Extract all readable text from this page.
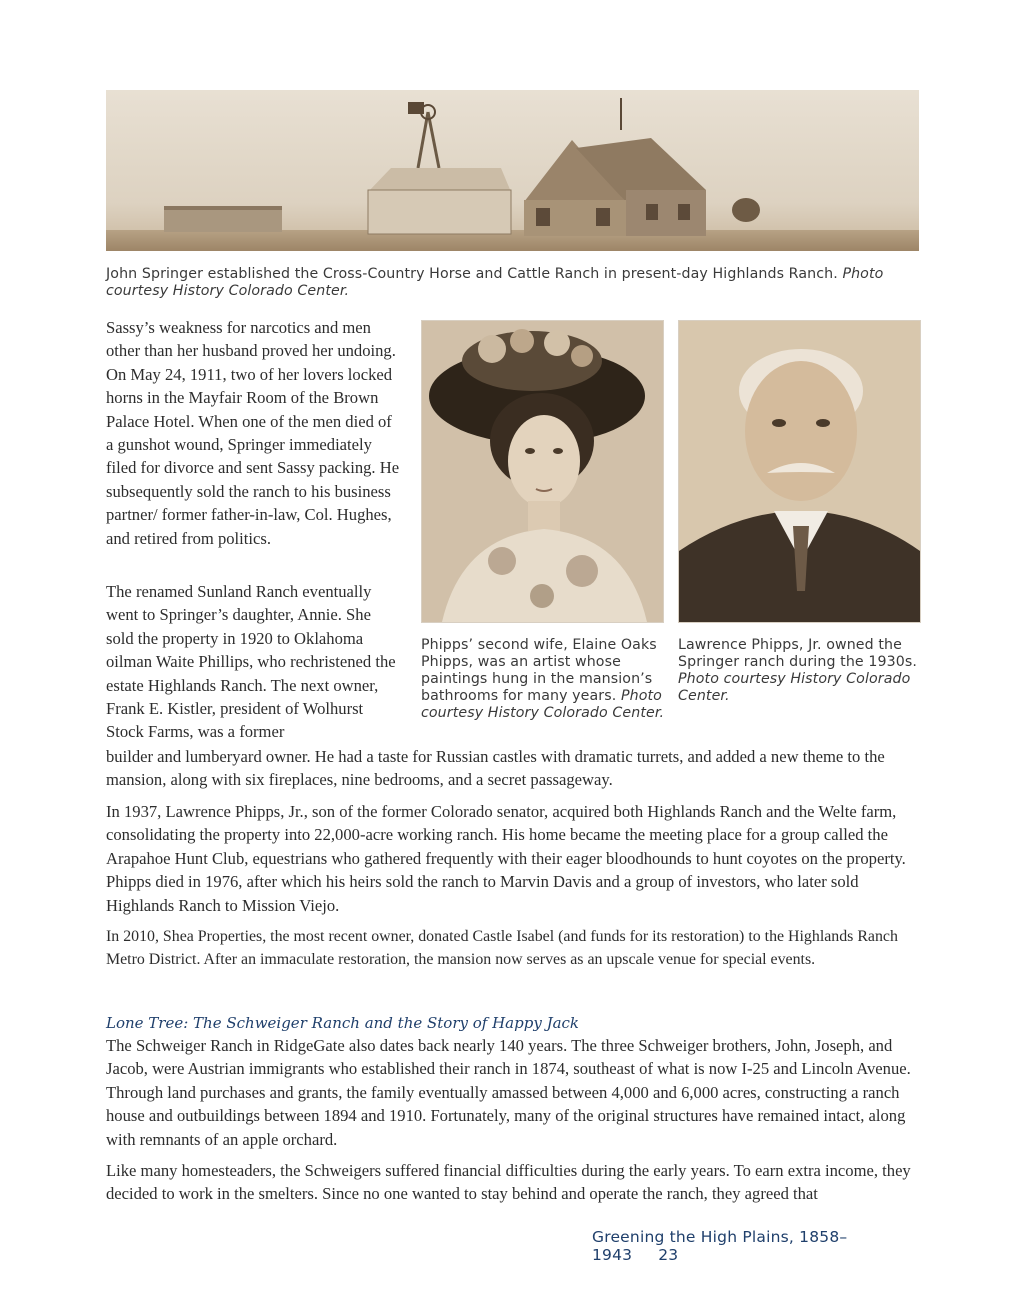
John Springer established the Cross-Country Horse and Cattle Ranch in present-day Highlands Ranch. Photo courtesy History Colorado Center.

Sassy’s weakness for narcotics and men other than her husband proved her undoing. On May 24, 1911, two of her lovers locked horns in the Mayfair Room of the Brown Palace Hotel. When one of the men died of a gunshot wound, Springer immediately filed for divorce and sent Sassy packing. He subsequently sold the ranch to his business partner/ former father-in-law, Col. Hughes, and retired from politics.

The renamed Sunland Ranch eventually went to Springer’s daughter, Annie. She sold the property in 1920 to Oklahoma oilman Waite Phillips, who rechristened the estate Highlands Ranch. The next owner, Frank E. Kistler, president of Wolhurst Stock Farms, was a former

builder and lumberyard owner. He had a taste for Russian castles with dramatic turrets, and added a new theme to the mansion, along with six fireplaces, nine bedrooms, and a secret passageway.

Phipps’ second wife, Elaine Oaks Phipps, was an artist whose paintings hung in the mansion’s bathrooms for many years. Photo courtesy History Colorado Center.
Lawrence Phipps, Jr. owned the Springer ranch during the 1930s. Photo courtesy History Colorado Center.

In 1937, Lawrence Phipps, Jr., son of the former Colorado senator, acquired both Highlands Ranch and the Welte farm, consolidating the property into 22,000-acre working ranch. His home became the meeting place for a group called the Arapahoe Hunt Club, equestrians who gathered frequently with their eager bloodhounds to hunt coyotes on the property. Phipps died in 1976, after which his heirs sold the ranch to Marvin Davis and a group of investors, who later sold Highlands Ranch to Mission Viejo.

In 2010, Shea Properties, the most recent owner, donated Castle Isabel (and funds for its restoration) to the Highlands Ranch Metro District. After an immaculate restoration, the mansion now serves as an upscale venue for special events.

Lone Tree: The Schweiger Ranch and the Story of Happy Jack

The Schweiger Ranch in RidgeGate also dates back nearly 140 years. The three Schweiger brothers, John, Joseph, and Jacob, were Austrian immigrants who established their ranch in 1874, southeast of what is now I-25 and Lincoln Avenue. Through land purchases and grants, the family eventually amassed between 4,000 and 6,000 acres, constructing a ranch house and outbuildings between 1894 and 1910. Fortunately, many of the original structures have remained intact, along with remnants of an apple orchard.

Like many homesteaders, the Schweigers suffered financial difficulties during the early years. To earn extra income, they decided to work in the smelters. Since no one wanted to stay behind and operate the ranch, they agreed that

Greening the High Plains, 1858–1943 23
